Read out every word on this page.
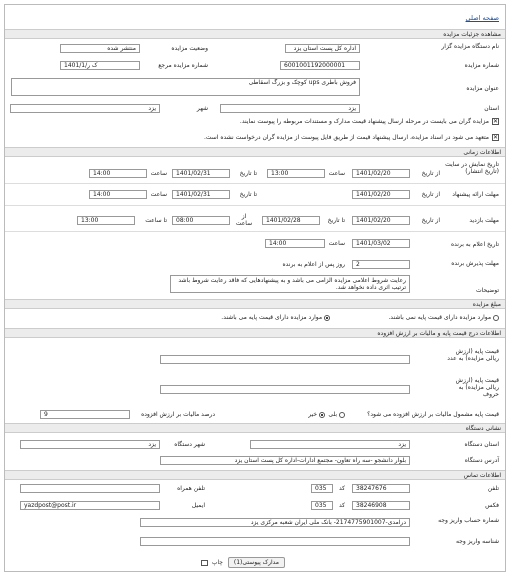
صفحه اصلی
مشاهده جزئیات مزایده
نام دستگاه مزایده گزار
اداره کل پست استان یزد
وضعیت مزایده
منتشر شده
شماره مزایده
6001001192000001
شماره مزایده مرجع
1401/1/ک ر
عنوان مزایده
فروش باطری ups کوچک و بزرگ اسقاطی
استان
یزد
شهر
یزد
✕
مزایده گران می بایست در مرحله ارسال پیشنهاد قیمت مدارک و مستندات مربوطه را پیوست نمایند.
✕
متعهد می شود در اسناد مزایده، ارسال پیشنهاد قیمت از طریق فایل پیوست از مزایده گران درخواست نشده است.
اطلاعات زمانی
تاریخ نمایش در سایت (تاریخ انتشار)
از تاریخ
1401/02/20
ساعت
13:00
تا تاریخ
1401/02/31
ساعت
14:00
مهلت ارائه پیشنهاد
از تاریخ
1401/02/20
تا تاریخ
1401/02/31
ساعت
14:00
مهلت بازدید
از تاریخ
1401/02/20
تا تاریخ
1401/02/28
از ساعت
08:00
تا ساعت
13:00
تاریخ اعلام به برنده
1401/03/02
ساعت
14:00
مهلت پذیرش برنده
2
روز پس از اعلام به برنده
توضیحات
رعایت شروط اعلامی مزایده الزامی می باشد و به پیشنهادهایی که فاقد رعایت شروط باشد ترتیب اثری داده نخواهد شد.
مبلغ مزایده
موارد مزایده دارای قیمت پایه نمی باشند.
موارد مزایده دارای قیمت پایه می باشند.
اطلاعات درج قیمت پایه و مالیات بر ارزش افزوده
قیمت پایه (ارزش ریالی مزایده) به عدد
قیمت پایه (ارزش ریالی مزایده) به حروف
قیمت پایه مشمول مالیات بر ارزش افزوده می شود؟
بلی
خیر
درصد مالیات بر ارزش افزوده
9
نشانی دستگاه
استان دستگاه
یزد
آدرس دستگاه
بلوار دانشجو -سه راه تعاون- مجتمع ادارات-اداره کل پست استان یزد
شهر دستگاه
یزد
اطلاعات تماس
تلفن
38247676
کد
035
تلفن همراه
فکس
38246908
کد
035
ایمیل
yazdpost@post.ir
شماره حساب واریز وجه
درآمدی-2174775901007- بانک ملی ایران شعبه مرکزی یزد
شناسه واریز وجه
مدارک پیوستی(1)
چاپ
